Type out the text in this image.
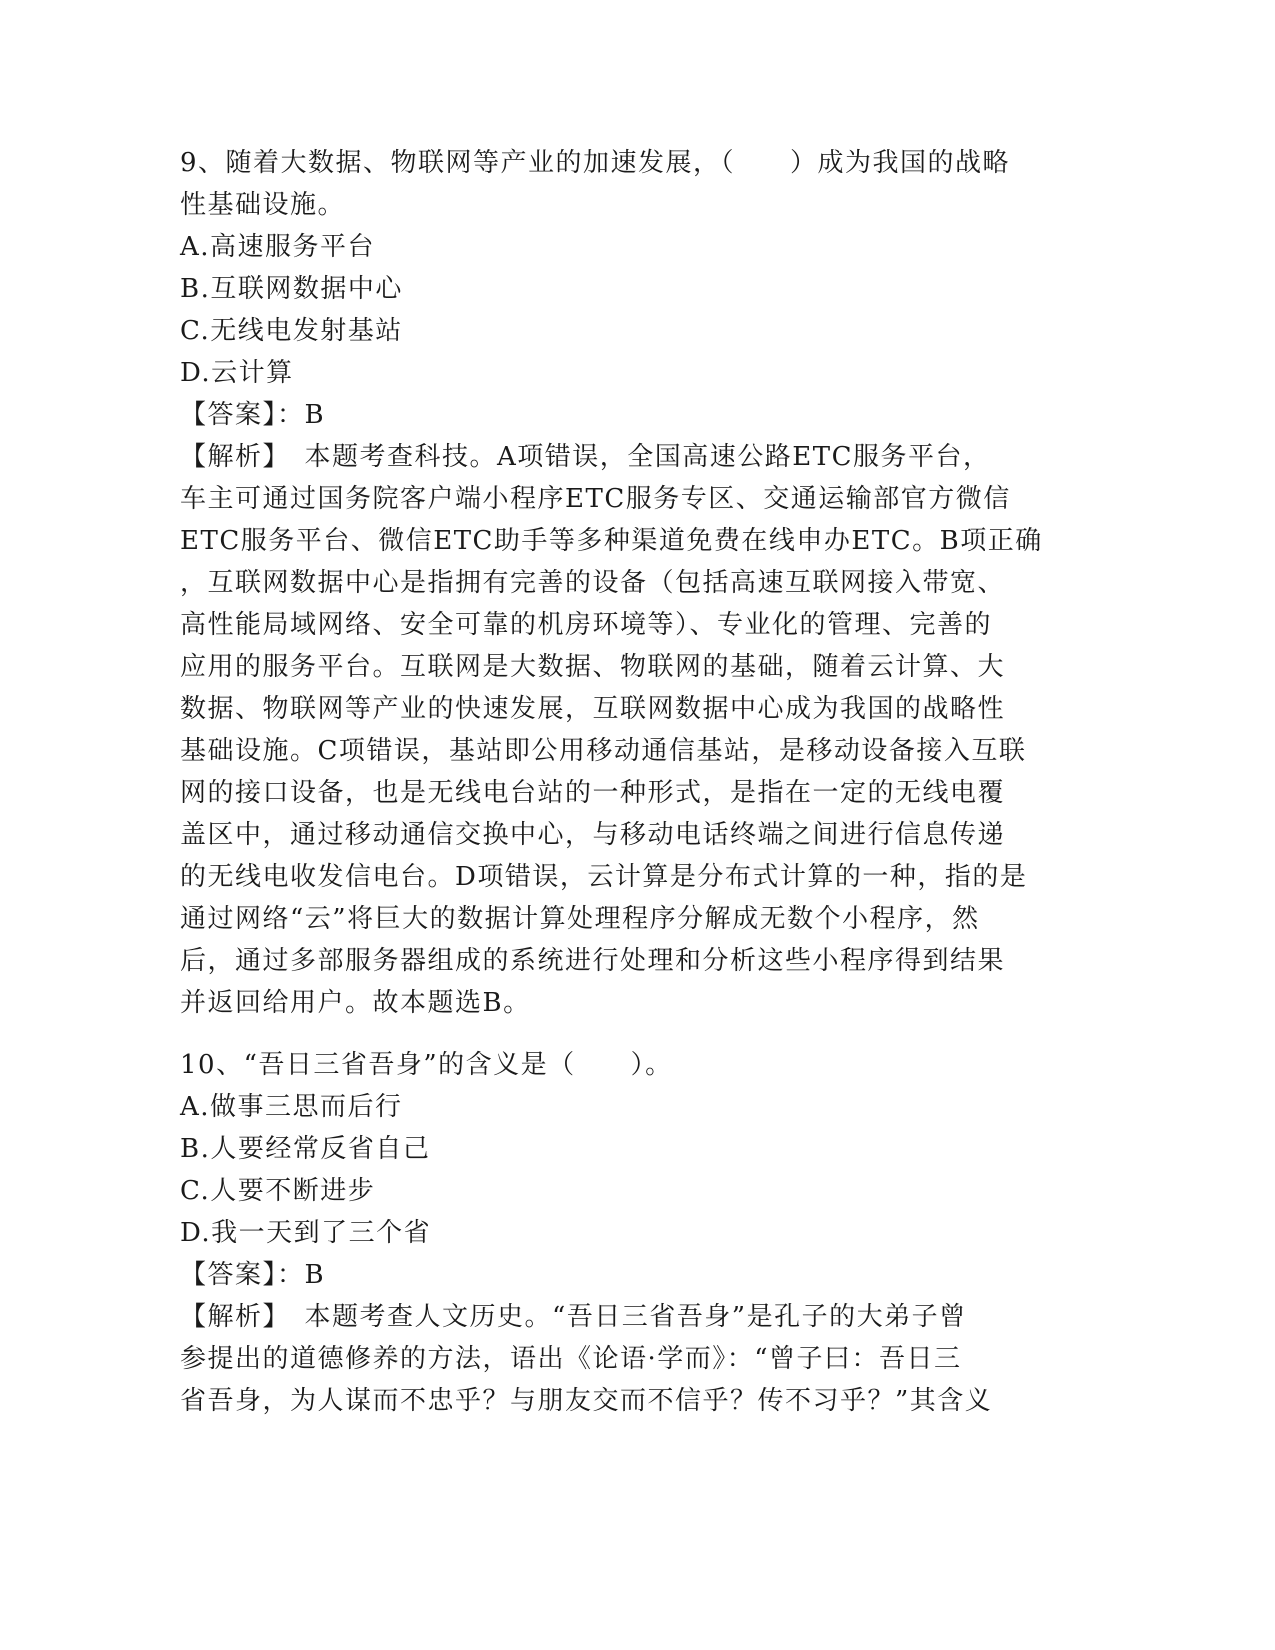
9、随着大数据、物联网等产业的加速发展，（　　）成为我国的战略
性基础设施。
A.高速服务平台
B.互联网数据中心
C.无线电发射基站
D.云计算
【答案】：B
【解析】　本题考查科技。A项错误，全国高速公路ETC服务平台，
车主可通过国务院客户端小程序ETC服务专区、交通运输部官方微信
ETC服务平台、微信ETC助手等多种渠道免费在线申办ETC。B项正确
，互联网数据中心是指拥有完善的设备（包括高速互联网接入带宽、
高性能局域网络、安全可靠的机房环境等）、专业化的管理、完善的
应用的服务平台。互联网是大数据、物联网的基础，随着云计算、大
数据、物联网等产业的快速发展，互联网数据中心成为我国的战略性
基础设施。C项错误，基站即公用移动通信基站，是移动设备接入互联
网的接口设备，也是无线电台站的一种形式，是指在一定的无线电覆
盖区中，通过移动通信交换中心，与移动电话终端之间进行信息传递
的无线电收发信电台。D项错误，云计算是分布式计算的一种，指的是
通过网络“云”将巨大的数据计算处理程序分解成无数个小程序，然
后，通过多部服务器组成的系统进行处理和分析这些小程序得到结果
并返回给用户。故本题选B。
10、“吾日三省吾身”的含义是（　　）。
A.做事三思而后行
B.人要经常反省自己
C.人要不断进步
D.我一天到了三个省
【答案】：B
【解析】　本题考查人文历史。“吾日三省吾身”是孔子的大弟子曾
参提出的道德修养的方法，语出《论语·学而》：“曾子曰：吾日三
省吾身，为人谋而不忠乎？与朋友交而不信乎？传不习乎？”其含义
